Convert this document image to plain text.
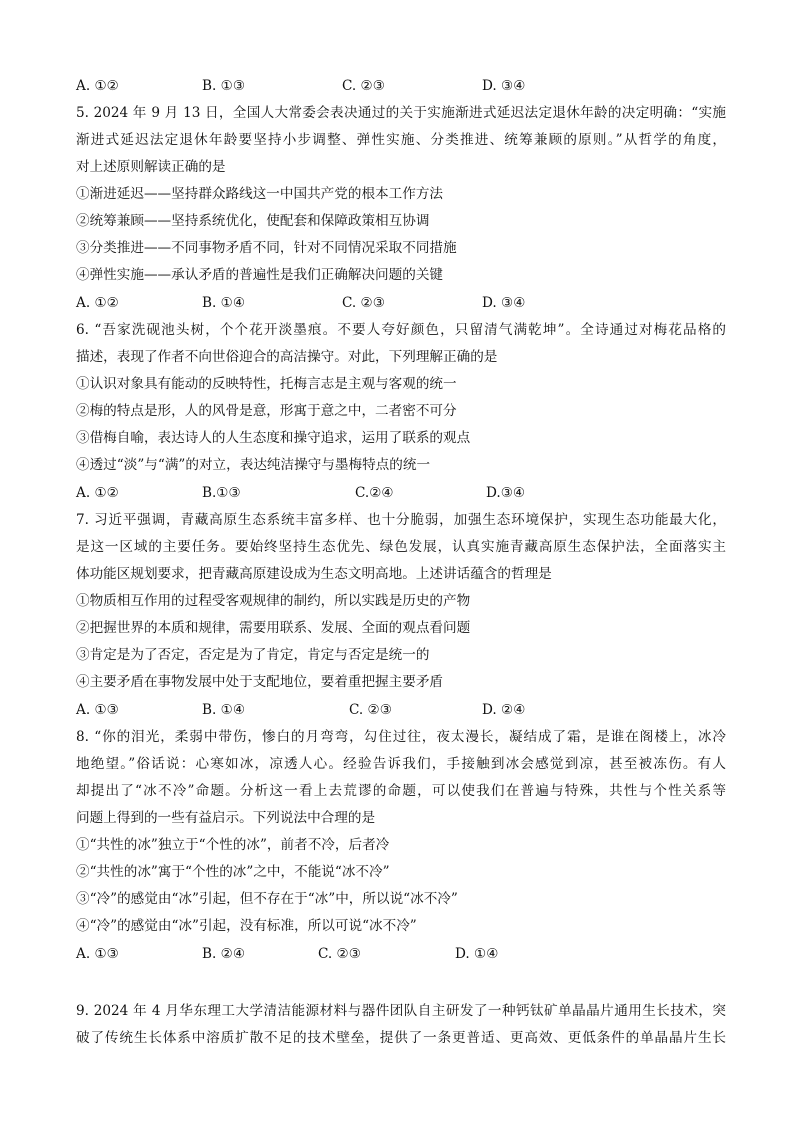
A. ①②	B. ①③	C. ②③	D. ③④
5. 2024 年 9 月 13 日，全国人大常委会表决通过的关于实施渐进式延迟法定退休年龄的决定明确：“实施
渐进式延迟法定退休年龄要坚持小步调整、弹性实施、分类推进、统筹兼顾的原则。”从哲学的角度，
对上述原则解读正确的是
①渐进延迟——坚持群众路线这一中国共产党的根本工作方法
②统筹兼顾——坚持系统优化，使配套和保障政策相互协调
③分类推进——不同事物矛盾不同，针对不同情况采取不同措施
④弹性实施——承认矛盾的普遍性是我们正确解决问题的关键
A. ①②	B. ①④	C. ②③	D. ③④
6. “吾家洗砚池头树，个个花开淡墨痕。不要人夸好颜色，只留清气满乾坤”。全诗通过对梅花品格的
描述，表现了作者不向世俗迎合的高洁操守。对此，下列理解正确的是
①认识对象具有能动的反映特性，托梅言志是主观与客观的统一
②梅的特点是形，人的风骨是意，形寓于意之中，二者密不可分
③借梅自喻，表达诗人的人生态度和操守追求，运用了联系的观点
④透过“淡”与“满”的对立，表达纯洁操守与墨梅特点的统一
A. ①②	B.①③	C.②④	D.③④
7. 习近平强调，青藏高原生态系统丰富多样、也十分脆弱，加强生态环境保护，实现生态功能最大化，
是这一区域的主要任务。要始终坚持生态优先、绿色发展，认真实施青藏高原生态保护法，全面落实主
体功能区规划要求，把青藏高原建设成为生态文明高地。上述讲话蕴含的哲理是
①物质相互作用的过程受客观规律的制约，所以实践是历史的产物
②把握世界的本质和规律，需要用联系、发展、全面的观点看问题
③肯定是为了否定，否定是为了肯定，肯定与否定是统一的
④主要矛盾在事物发展中处于支配地位，要着重把握主要矛盾
A. ①③	B. ①④	C. ②③	D. ②④
8. “你的泪光，柔弱中带伤，惨白的月弯弯，勾住过往，夜太漫长，凝结成了霜，是谁在阁楼上，冰冷
地绝望。”俗话说：心寒如冰，凉透人心。经验告诉我们，手接触到冰会感觉到凉，甚至被冻伤。有人
却提出了“冰不冷”命题。分析这一看上去荒谬的命题，可以使我们在普遍与特殊，共性与个性关系等
问题上得到的一些有益启示。下列说法中合理的是
①“共性的冰”独立于“个性的冰”，前者不冷，后者冷
②“共性的冰”寓于“个性的冰”之中，不能说“冰不冷”
③“冷”的感觉由“冰”引起，但不存在于“冰”中，所以说“冰不冷”
④“冷”的感觉由“冰”引起，没有标准，所以可说“冰不冷”
A. ①③	B. ②④	C. ②③	D. ①④
9. 2024 年 4 月华东理工大学清洁能源材料与器件团队自主研发了一种钙钛矿单晶晶片通用生长技术，突
破了传统生长体系中溶质扩散不足的技术壁垒，提供了一条更普适、更高效、更低条件的单晶晶片生长
